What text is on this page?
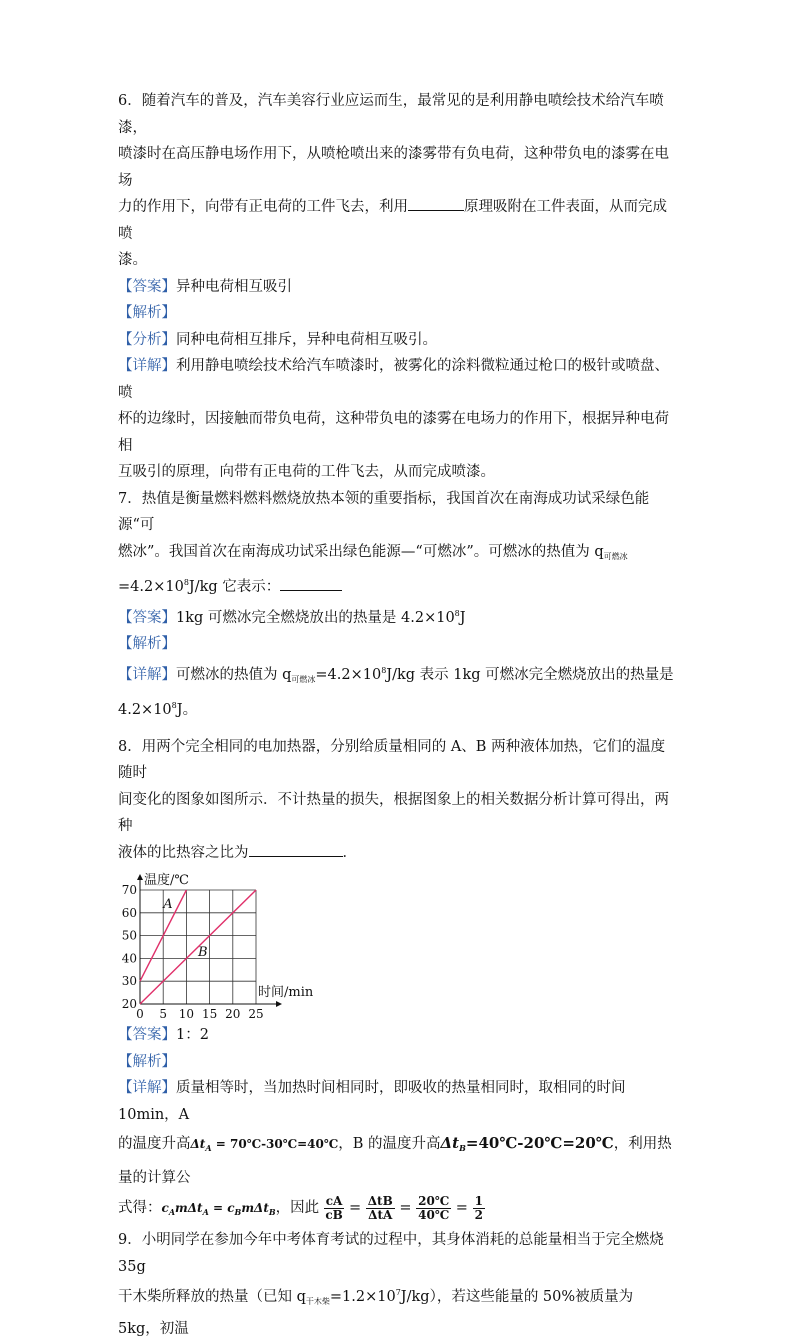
6．随着汽车的普及，汽车美容行业应运而生，最常见的是利用静电喷绘技术给汽车喷漆，

喷漆时在高压静电场作用下，从喷枪喷出来的漆雾带有负电荷，这种带负电的漆雾在电场

力的作用下，向带有正电荷的工件飞去，利用	原理吸附在工件表面，从而完成喷

漆。

【答案】异种电荷相互吸引

【解析】

【分析】同种电荷相互排斥，异种电荷相互吸引。

【详解】利用静电喷绘技术给汽车喷漆时，被雾化的涂料微粒通过枪口的极针或喷盘、喷

杯的边缘时，因接触而带负电荷，这种带负电的漆雾在电场力的作用下，根据异种电荷相

互吸引的原理，向带有正电荷的工件飞去，从而完成喷漆。

7．热值是衡量燃料燃料燃烧放热本领的重要指标，我国首次在南海成功试采绿色能源“可

燃冰”。我国首次在南海成功试采出绿色能源—“可燃冰”。可燃冰的热值为 $q_{可燃冰}$

$=4.2\times 10^8J/kg$ 它表示：

【答案】1kg 可燃冰完全燃烧放出的热量是 $4.2\times 10^8J$

【解析】

【详解】可燃冰的热值为 $q_{可燃冰}=4.2\times 10^8J/kg$ 表示 1kg 可燃冰完全燃烧放出的热量是

$4.2\times 10^8J$。

8．用两个完全相同的电加热器，分别给质量相同的 A、B 两种液体加热，它们的温度随时

间变化的图象如图所示．不计热量的损失，根据图象上的相关数据分析计算可得出，两种

液体的比热容之比为	．

0 5 10 15 20 25
20
30
40
50
60
70
温度/℃
时间/min
A
B

【答案】1：2

【解析】

【详解】质量相等时，当加热时间相同时，即吸收的热量相同时，取相同的时间 10min，A

的温度升高$\Delta t_A$ = 70℃-30℃=40℃，B 的温度升高$\Delta t_B=40℃-20℃=20℃$，利用热量的计算公

式得：$c_Am\Delta t_A = c_Bm\Delta t_B$，因此 $\frac{cA}{cB} = \frac{\text{ΔtB}}{\text{ΔtA}} = \frac{20℃}{40℃} = \frac{1}{2}$

9．小明同学在参加今年中考体育考试的过程中，其身体消耗的总能量相当于完全燃烧 35g

干木柴所释放的热量（已知 $q_{干木柴}=1.2\times 10^7J/kg$），若这些能量的 50%被质量为 5kg，初温
